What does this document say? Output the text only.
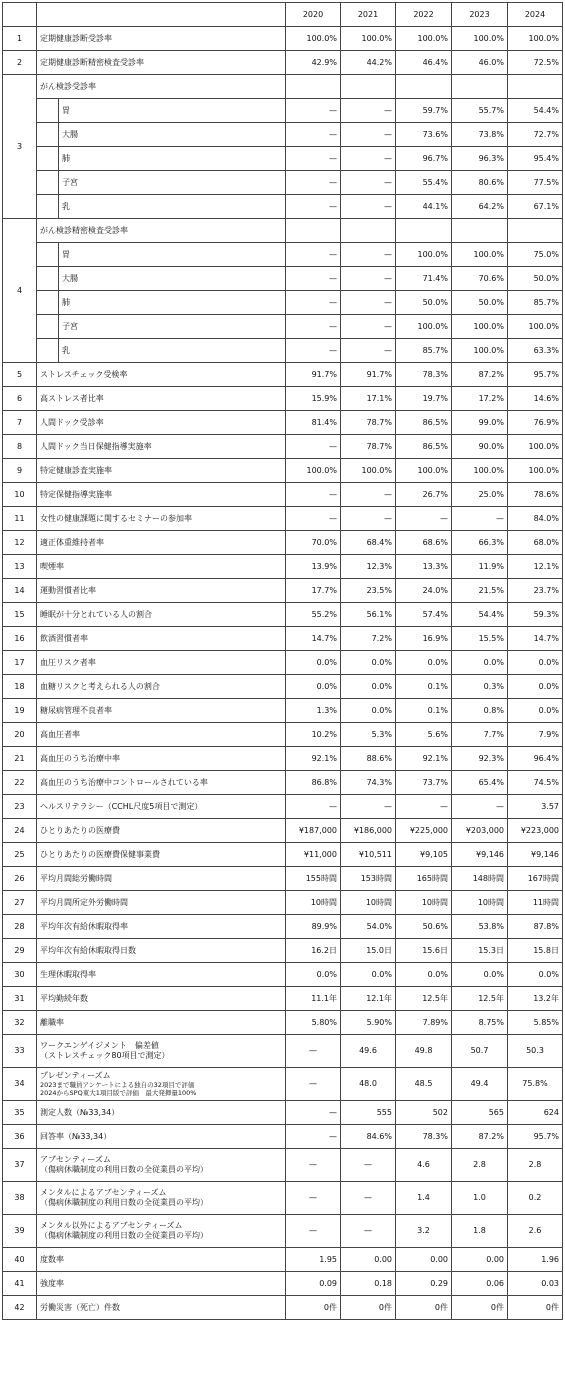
			2020	2021	2022	2023	2024
1	定期健康診断受診率		100.0%	100.0%	100.0%	100.0%	100.0%
2	定期健康診断精密検査受診率		42.9%	44.2%	46.4%	46.0%	72.5%
3	がん検診受診率						
		胃	—	—	59.7%	55.7%	54.4%
		大腸	—	—	73.6%	73.8%	72.7%
		肺	—	—	96.7%	96.3%	95.4%
		子宮	—	—	55.4%	80.6%	77.5%
		乳	—	—	44.1%	64.2%	67.1%
4	がん検診精密検査受診率						
		胃	—	—	100.0%	100.0%	75.0%
		大腸	—	—	71.4%	70.6%	50.0%
		肺	—	—	50.0%	50.0%	85.7%
		子宮	—	—	100.0%	100.0%	100.0%
		乳	—	—	85.7%	100.0%	63.3%
5	ストレスチェック受検率		91.7%	91.7%	78.3%	87.2%	95.7%
6	高ストレス者比率		15.9%	17.1%	19.7%	17.2%	14.6%
7	人間ドック受診率		81.4%	78.7%	86.5%	99.0%	76.9%
8	人間ドック当日保健指導実施率		—	78.7%	86.5%	90.0%	100.0%
9	特定健康診査実施率		100.0%	100.0%	100.0%	100.0%	100.0%
10	特定保健指導実施率		—	—	26.7%	25.0%	78.6%
11	女性の健康課題に関するセミナーの参加率		—	—	—	—	84.0%
12	適正体重維持者率		70.0%	68.4%	68.6%	66.3%	68.0%
13	喫煙率		13.9%	12.3%	13.3%	11.9%	12.1%
14	運動習慣者比率		17.7%	23.5%	24.0%	21.5%	23.7%
15	睡眠が十分とれている人の割合		55.2%	56.1%	57.4%	54.4%	59.3%
16	飲酒習慣者率		14.7%	7.2%	16.9%	15.5%	14.7%
17	血圧リスク者率		0.0%	0.0%	0.0%	0.0%	0.0%
18	血糖リスクと考えられる人の割合		0.0%	0.0%	0.1%	0.3%	0.0%
19	糖尿病管理不良者率		1.3%	0.0%	0.1%	0.8%	0.0%
20	高血圧者率		10.2%	5.3%	5.6%	7.7%	7.9%
21	高血圧のうち治療中率		92.1%	88.6%	92.1%	92.3%	96.4%
22	高血圧のうち治療中コントロールされている率		86.8%	74.3%	73.7%	65.4%	74.5%
23	ヘルスリテラシー（CCHL尺度5項目で測定）		—	—	—	—	3.57
24	ひとりあたりの医療費		¥187,000	¥186,000	¥225,000	¥203,000	¥223,000
25	ひとりあたりの医療費保健事業費		¥11,000	¥10,511	¥9,105	¥9,146	¥9,146
26	平均月間総労働時間		155時間	153時間	165時間	148時間	167時間
27	平均月間所定外労働時間		10時間	10時間	10時間	10時間	11時間
28	平均年次有給休暇取得率		89.9%	54.0%	50.6%	53.8%	87.8%
29	平均年次有給休暇取得日数		16.2日	15.0日	15.6日	15.3日	15.8日
30	生理休暇取得率		0.0%	0.0%	0.0%	0.0%	0.0%
31	平均勤続年数		11.1年	12.1年	12.5年	12.5年	13.2年
32	離職率		5.80%	5.90%	7.89%	8.75%	5.85%
33	ワークエンゲイジメント　偏差値
（ストレスチェック80項目で測定）		—	49.6	49.8	50.7	50.3
34	プレゼンティーズム

2023まで職員アンケートによる独自の32項目で評価
2024からSPQ東大1項目版で評価　最大発揮量100%		—	48.0	48.5	49.4	75.8%
35	測定人数（№33,34）		—	555	502	565	624
36	回答率（№33,34）		—	84.6%	78.3%	87.2%	95.7%
37	アブセンティーズム
（傷病休職制度の利用日数の全従業員の平均）		—	—	4.6	2.8	2.8
38	メンタルによるアブセンティーズム
（傷病休職制度の利用日数の全従業員の平均）		—	—	1.4	1.0	0.2
39	メンタル以外によるアブセンティーズム
（傷病休職制度の利用日数の全従業員の平均）		—	—	3.2	1.8	2.6
40	度数率		1.95	0.00	0.00	0.00	1.96
41	強度率		0.09	0.18	0.29	0.06	0.03
42	労働災害（死亡）件数		0件	0件	0件	0件	0件
